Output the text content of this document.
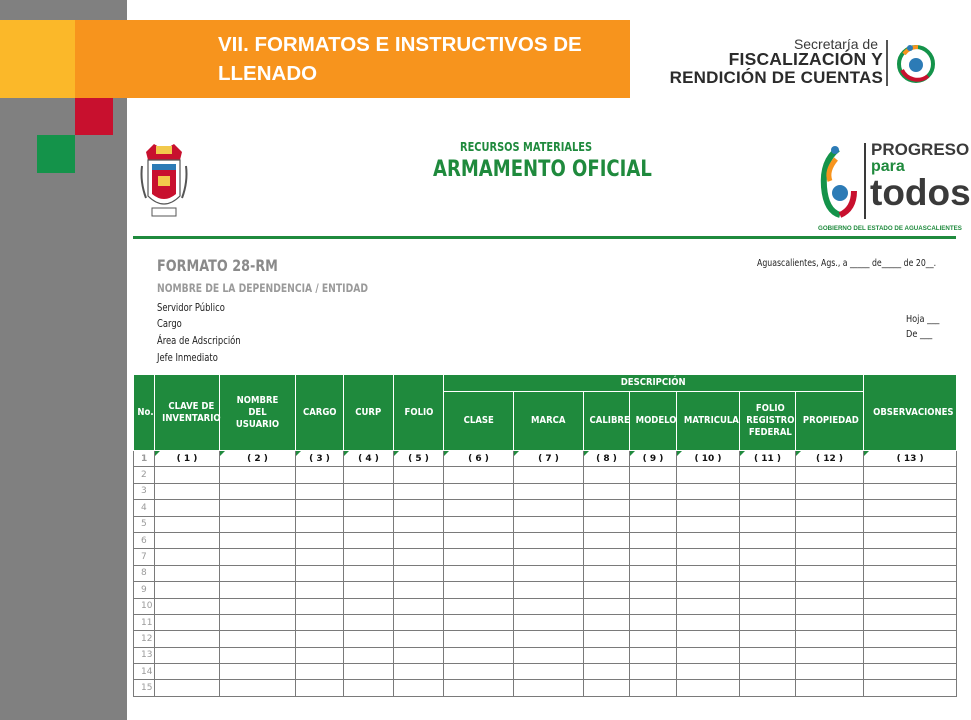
VII. FORMATOS E INSTRUCTIVOS DE LLENADO
Secretaría de
FISCALIZACIÓN Y
RENDICIÓN DE CUENTAS
RECURSOS MATERIALES
ARMAMENTO OFICIAL
PROGRESO
para
todos
GOBIERNO DEL ESTADO DE AGUASCALIENTES
FORMATO 28-RM
NOMBRE DE LA DEPENDENCIA / ENTIDAD
Servidor Público
Cargo
Área de Adscripción
Jefe Inmediato
Aguascalientes, Ags., a _____ de_____ de 20__.
Hoja ___
De ___
No.	CLAVE DE INVENTARIO	NOMBRE DEL USUARIO	CARGO	CURP	FOLIO	DESCRIPCIÓN							OBSERVACIONES
						CLASE	MARCA	CALIBRE	MODELO	MATRICULA	FOLIO REGISTRO FEDERAL	PROPIEDAD	
1	( 1 )	( 2 )	( 3 )	( 4 )	( 5 )	( 6 )	( 7 )	( 8 )	( 9 )	( 10 )	( 11 )	( 12 )	( 13 )
2													
3													
4													
5													
6													
7													
8													
9													
10													
11													
12													
13													
14													
15													
